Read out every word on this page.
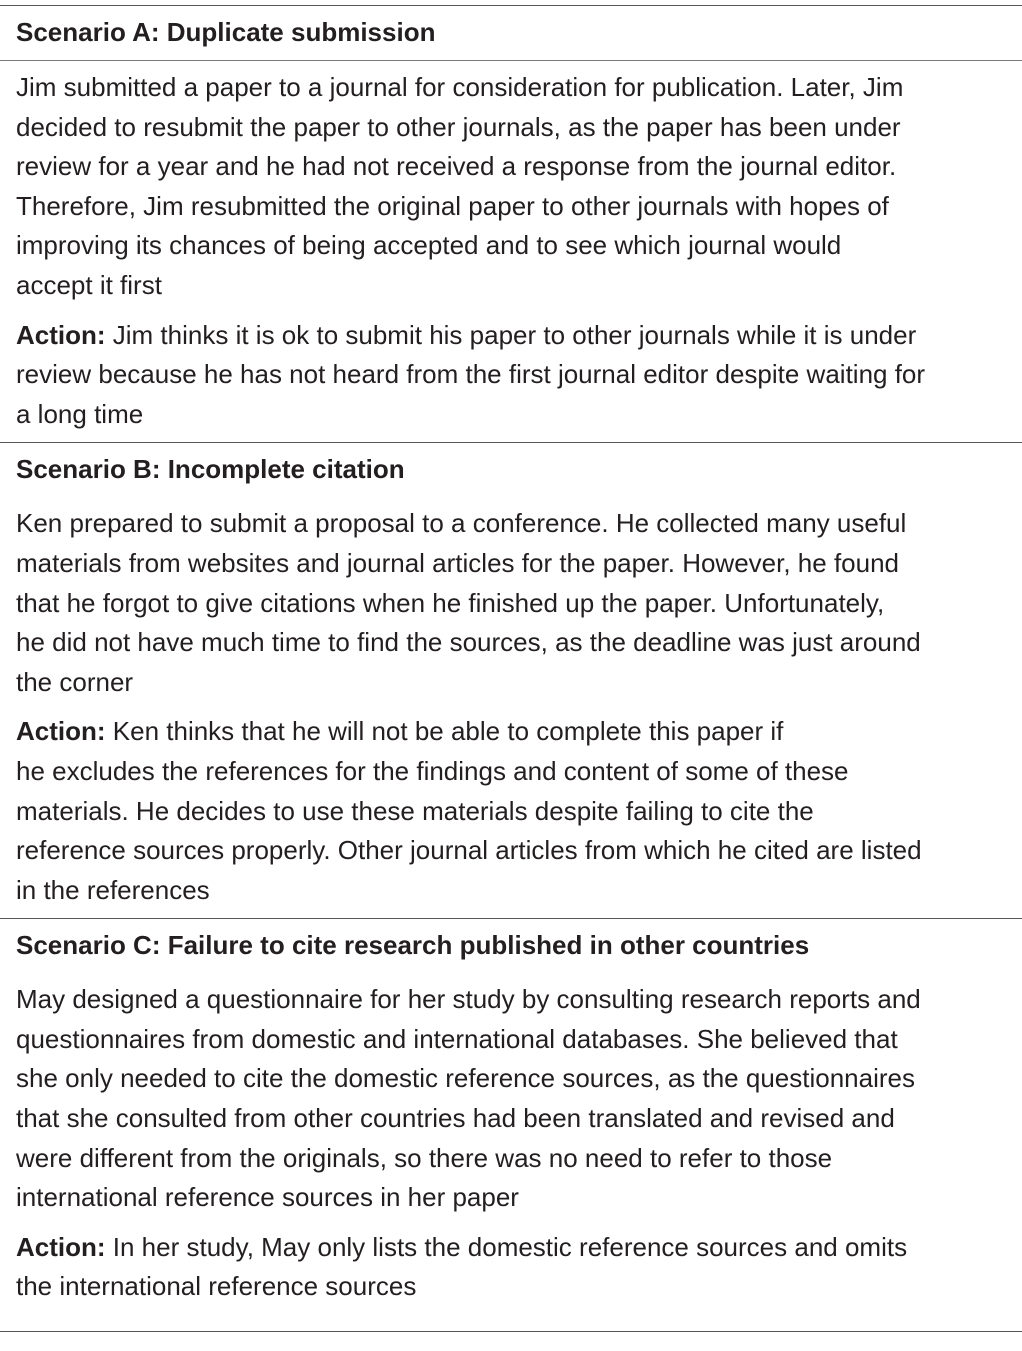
Scenario A: Duplicate submission

Jim submitted a paper to a journal for consideration for publication. Later, Jim
decided to resubmit the paper to other journals, as the paper has been under
review for a year and he had not received a response from the journal editor.
Therefore, Jim resubmitted the original paper to other journals with hopes of
improving its chances of being accepted and to see which journal would
accept it first

Action: Jim thinks it is ok to submit his paper to other journals while it is under
review because he has not heard from the first journal editor despite waiting for
a long time

Scenario B: Incomplete citation

Ken prepared to submit a proposal to a conference. He collected many useful
materials from websites and journal articles for the paper. However, he found
that he forgot to give citations when he finished up the paper. Unfortunately,
he did not have much time to find the sources, as the deadline was just around
the corner

Action: Ken thinks that he will not be able to complete this paper if
he excludes the references for the findings and content of some of these
materials. He decides to use these materials despite failing to cite the
reference sources properly. Other journal articles from which he cited are listed
in the references

Scenario C: Failure to cite research published in other countries

May designed a questionnaire for her study by consulting research reports and
questionnaires from domestic and international databases. She believed that
she only needed to cite the domestic reference sources, as the questionnaires
that she consulted from other countries had been translated and revised and
were different from the originals, so there was no need to refer to those
international reference sources in her paper

Action: In her study, May only lists the domestic reference sources and omits
the international reference sources
